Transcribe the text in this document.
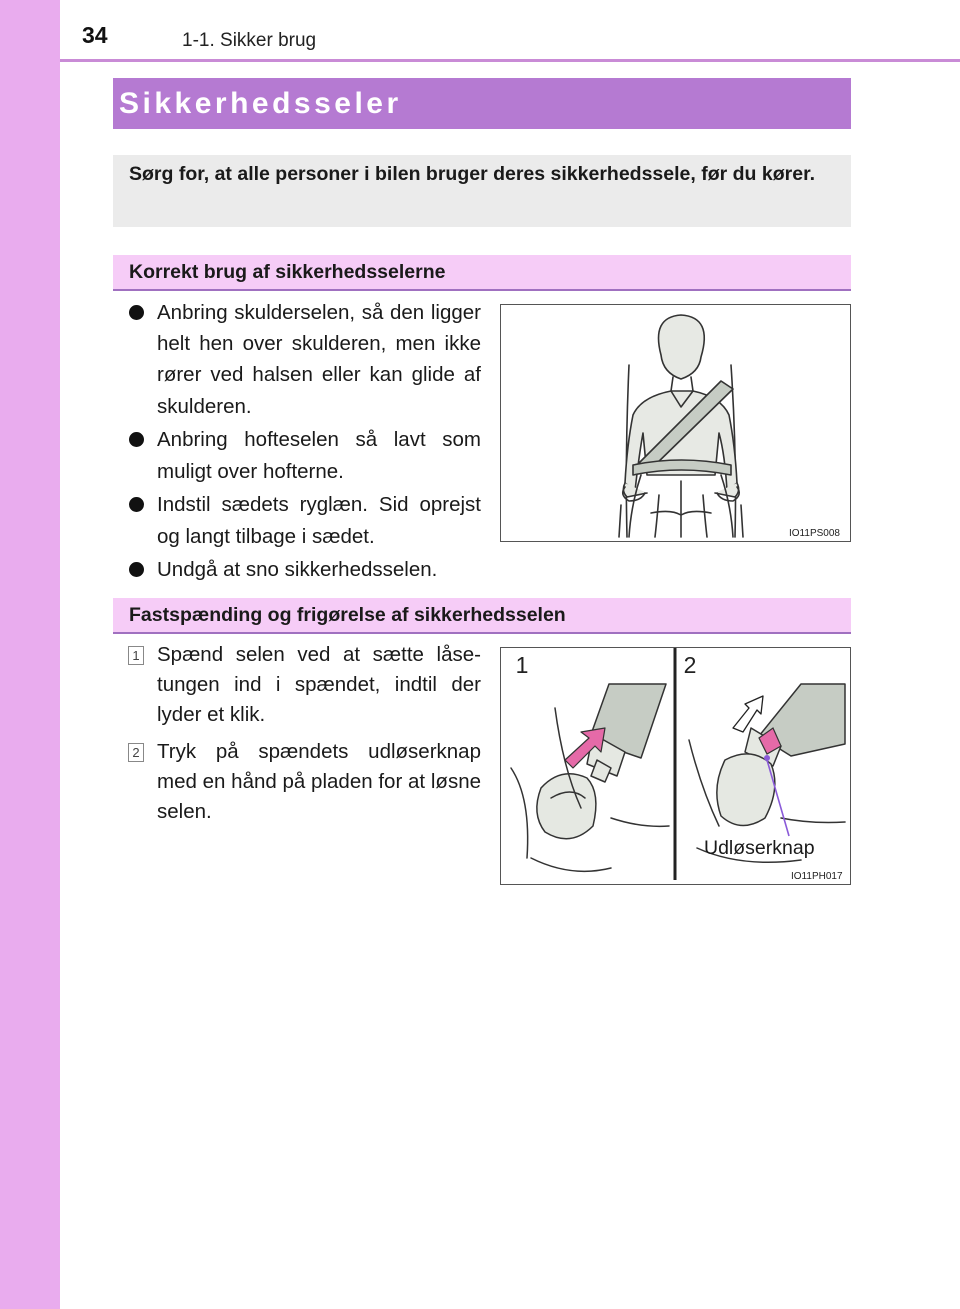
34	1-1. Sikker brug
Sikkerhedsseler
Sørg for, at alle personer i bilen bruger deres sikkerhedssele, før du kører.
Korrekt brug af sikkerhedsselerne
Anbring skulderselen, så den ligger helt hen over skulderen, men ikke rører ved halsen eller kan glide af skulderen.
Anbring hofteselen så lavt som muligt over hofterne.
Indstil sædets ryglæn. Sid oprejst og langt tilbage i sædet.
Undgå at sno sikkerhedsselen.
IO11PS008
Fastspænding og frigørelse af sikkerhedsselen
1 Spænd selen ved at sætte låse-tungen ind i spændet, indtil der lyder et klik.
2 Tryk på spændets udløserknap med en hånd på pladen for at løsne selen.
1	2
Udløserknap
IO11PH017
